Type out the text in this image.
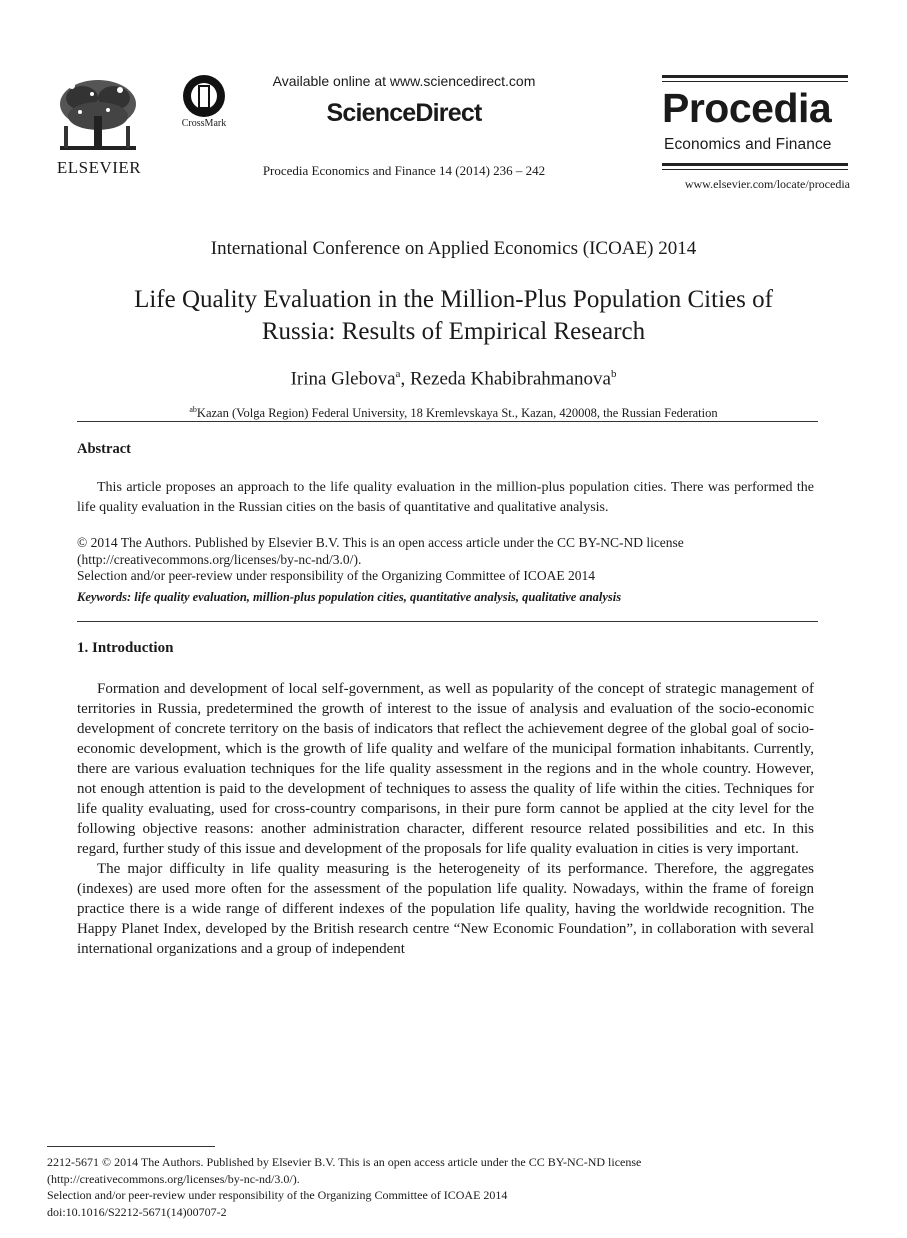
ELSEVIER
CrossMark
Available online at www.sciencedirect.com
ScienceDirect
Procedia Economics and Finance 14 (2014) 236 – 242
Procedia
Economics and Finance
www.elsevier.com/locate/procedia
International Conference on Applied Economics (ICOAE) 2014
Life Quality Evaluation in the Million-Plus Population Cities of
Russia: Results of Empirical Research
Irina Glebova$^a$, Rezeda Khabibrahmanova$^b$
$^{ab}$Kazan (Volga Region) Federal University, 18 Kremlevskaya St., Kazan, 420008, the Russian Federation
Abstract
This article proposes an approach to the life quality evaluation in the million-plus population cities. There was performed the life quality evaluation in the Russian cities on the basis of quantitative and qualitative analysis.
© 2014 The Authors. Published by Elsevier B.V. This is an open access article under the CC BY-NC-ND license
(http://creativecommons.org/licenses/by-nc-nd/3.0/).
Selection and/or peer-review under responsibility of the Organizing Committee of ICOAE 2014
Keywords: life quality evaluation, million-plus population cities, quantitative analysis, qualitative analysis
1. Introduction

Formation and development of local self-government, as well as popularity of the concept of strategic management of territories in Russia, predetermined the growth of interest to the issue of analysis and evaluation of the socio-economic development of concrete territory on the basis of indicators that reflect the achievement degree of the global goal of socio-economic development, which is the growth of life quality and welfare of the municipal formation inhabitants. Currently, there are various evaluation techniques for the life quality assessment in the regions and in the whole country. However, not enough attention is paid to the development of techniques to assess the quality of life within the cities. Techniques for life quality evaluating, used for cross-country comparisons, in their pure form cannot be applied at the city level for the following objective reasons: another administration character, different resource related possibilities and etc. In this regard, further study of this issue and development of the proposals for life quality evaluation in cities is very important.

The major difficulty in life quality measuring is the heterogeneity of its performance. Therefore, the aggregates (indexes) are used more often for the assessment of the population life quality. Nowadays, within the frame of foreign practice there is a wide range of different indexes of the population life quality, having the worldwide recognition. The Happy Planet Index, developed by the British research centre “New Economic Foundation”, in collaboration with several international organizations and a group of independent

2212-5671 © 2014 The Authors. Published by Elsevier B.V. This is an open access article under the CC BY-NC-ND license
(http://creativecommons.org/licenses/by-nc-nd/3.0/).
Selection and/or peer-review under responsibility of the Organizing Committee of ICOAE 2014
doi:10.1016/S2212-5671(14)00707-2
